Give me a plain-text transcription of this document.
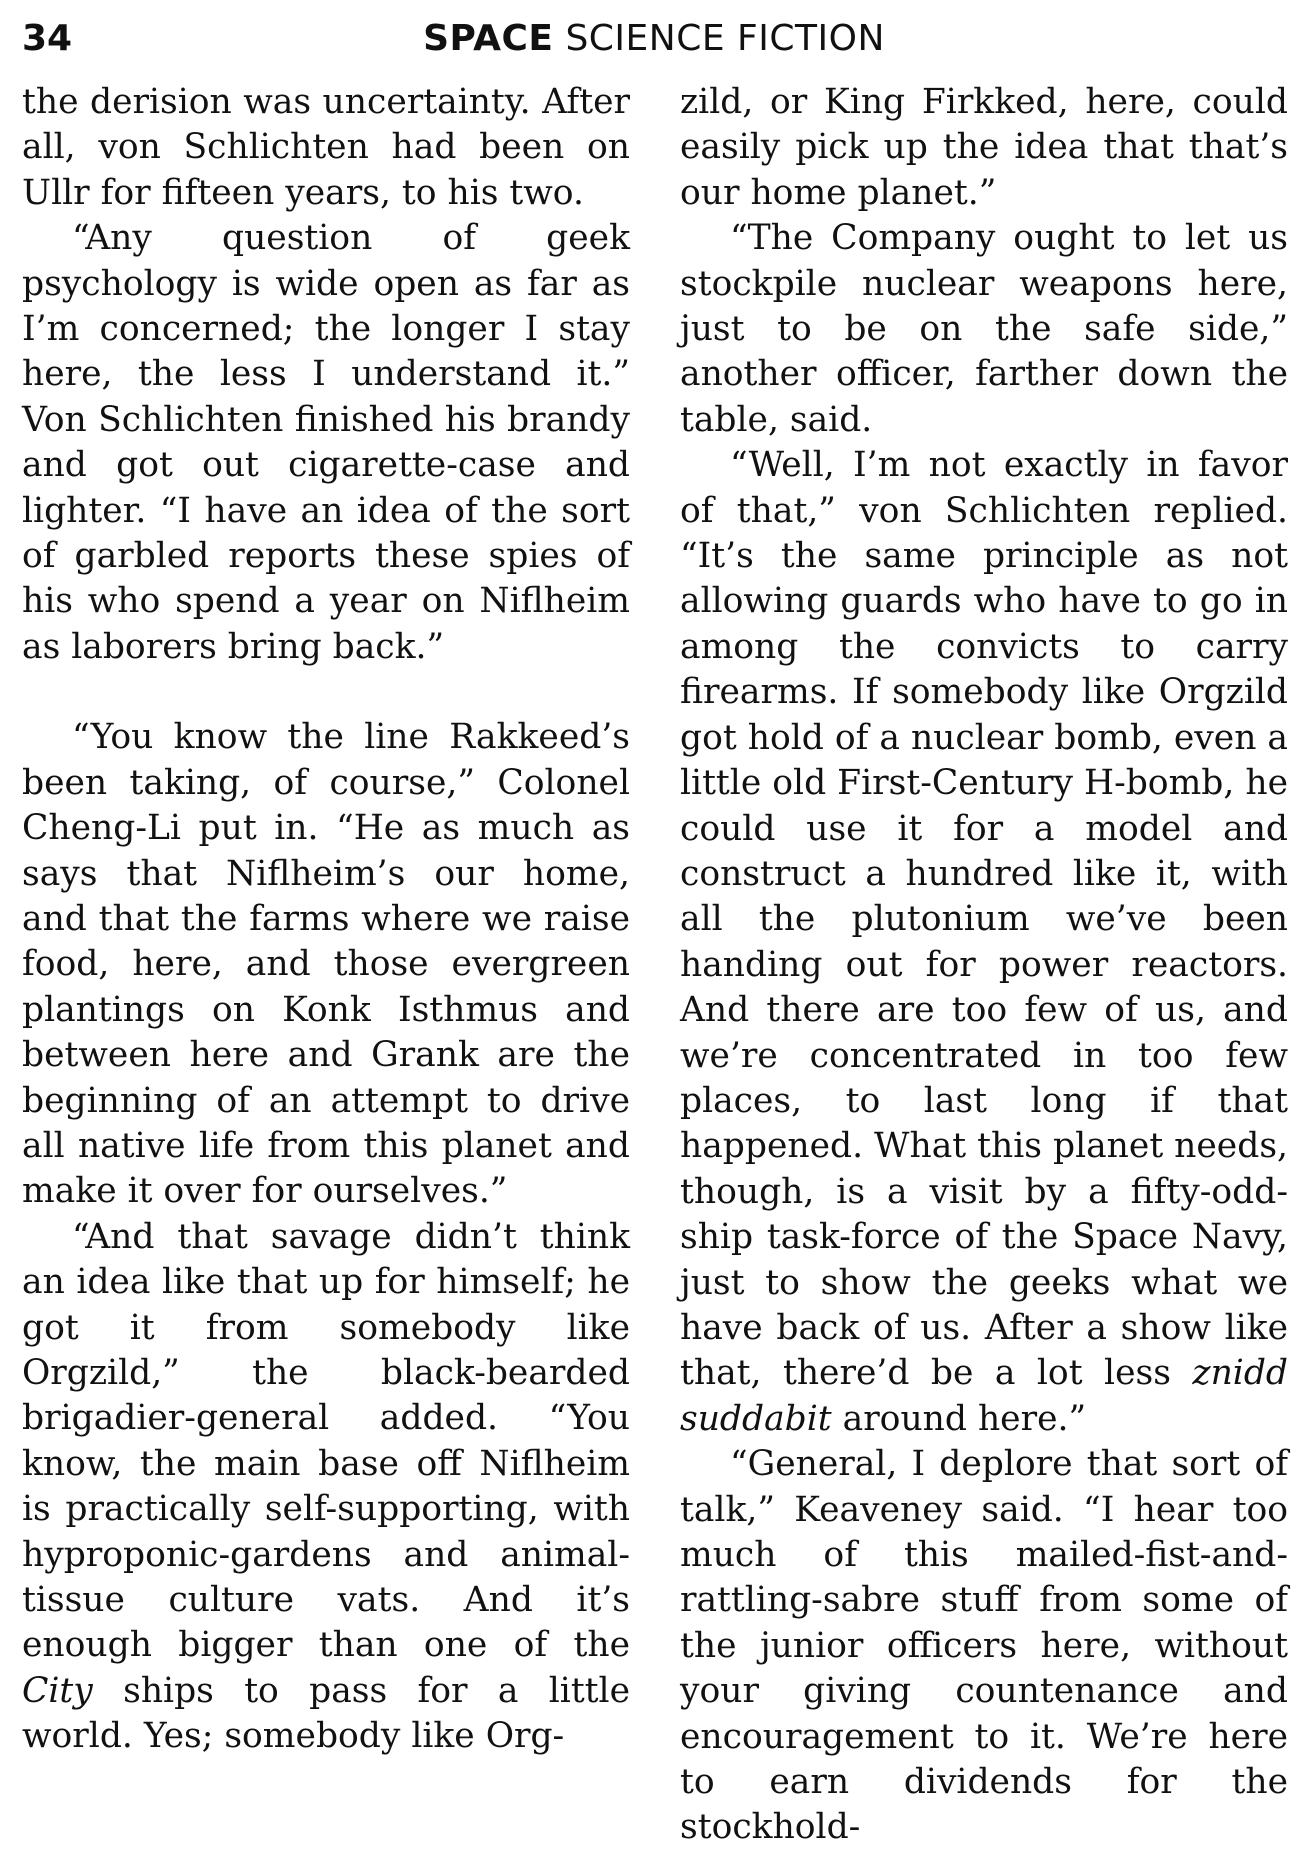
34	SPACE SCIENCE FICTION

the derision was uncertainty. After all, von Schlichten had been on Ullr for fifteen years, to his two.

“Any question of geek psychology is wide open as far as I’m concerned; the longer I stay here, the less I understand it.” Von Schlichten finished his brandy and got out cigarette-case and lighter. “I have an idea of the sort of garbled reports these spies of his who spend a year on Niflheim as laborers bring back.”

“You know the line Rakkeed’s been taking, of course,” Colonel Cheng-Li put in. “He as much as says that Niflheim’s our home, and that the farms where we raise food, here, and those evergreen plantings on Konk Isthmus and between here and Grank are the beginning of an attempt to drive all native life from this planet and make it over for ourselves.”

“And that savage didn’t think an idea like that up for himself; he got it from somebody like Orgzild,” the black-bearded brigadier-general added. “You know, the main base off Niflheim is practically self-supporting, with hyproponic-gardens and animal-tissue culture vats. And it’s enough bigger than one of the City ships to pass for a little world. Yes; somebody like Org-

zild, or King Firkked, here, could easily pick up the idea that that’s our home planet.”

“The Company ought to let us stockpile nuclear weapons here, just to be on the safe side,” another officer, farther down the table, said.

“Well, I’m not exactly in favor of that,” von Schlichten replied. “It’s the same principle as not allowing guards who have to go in among the convicts to carry firearms. If somebody like Orgzild got hold of a nuclear bomb, even a little old First-Century H-bomb, he could use it for a model and construct a hundred like it, with all the plutonium we’ve been handing out for power reactors. And there are too few of us, and we’re concentrated in too few places, to last long if that happened. What this planet needs, though, is a visit by a fifty-odd-ship task-force of the Space Navy, just to show the geeks what we have back of us. After a show like that, there’d be a lot less znidd suddabit around here.”

“General, I deplore that sort of talk,” Keaveney said. “I hear too much of this mailed-fist-and-rattling-sabre stuff from some of the junior officers here, without your giving countenance and encouragement to it. We’re here to earn dividends for the stockhold-
